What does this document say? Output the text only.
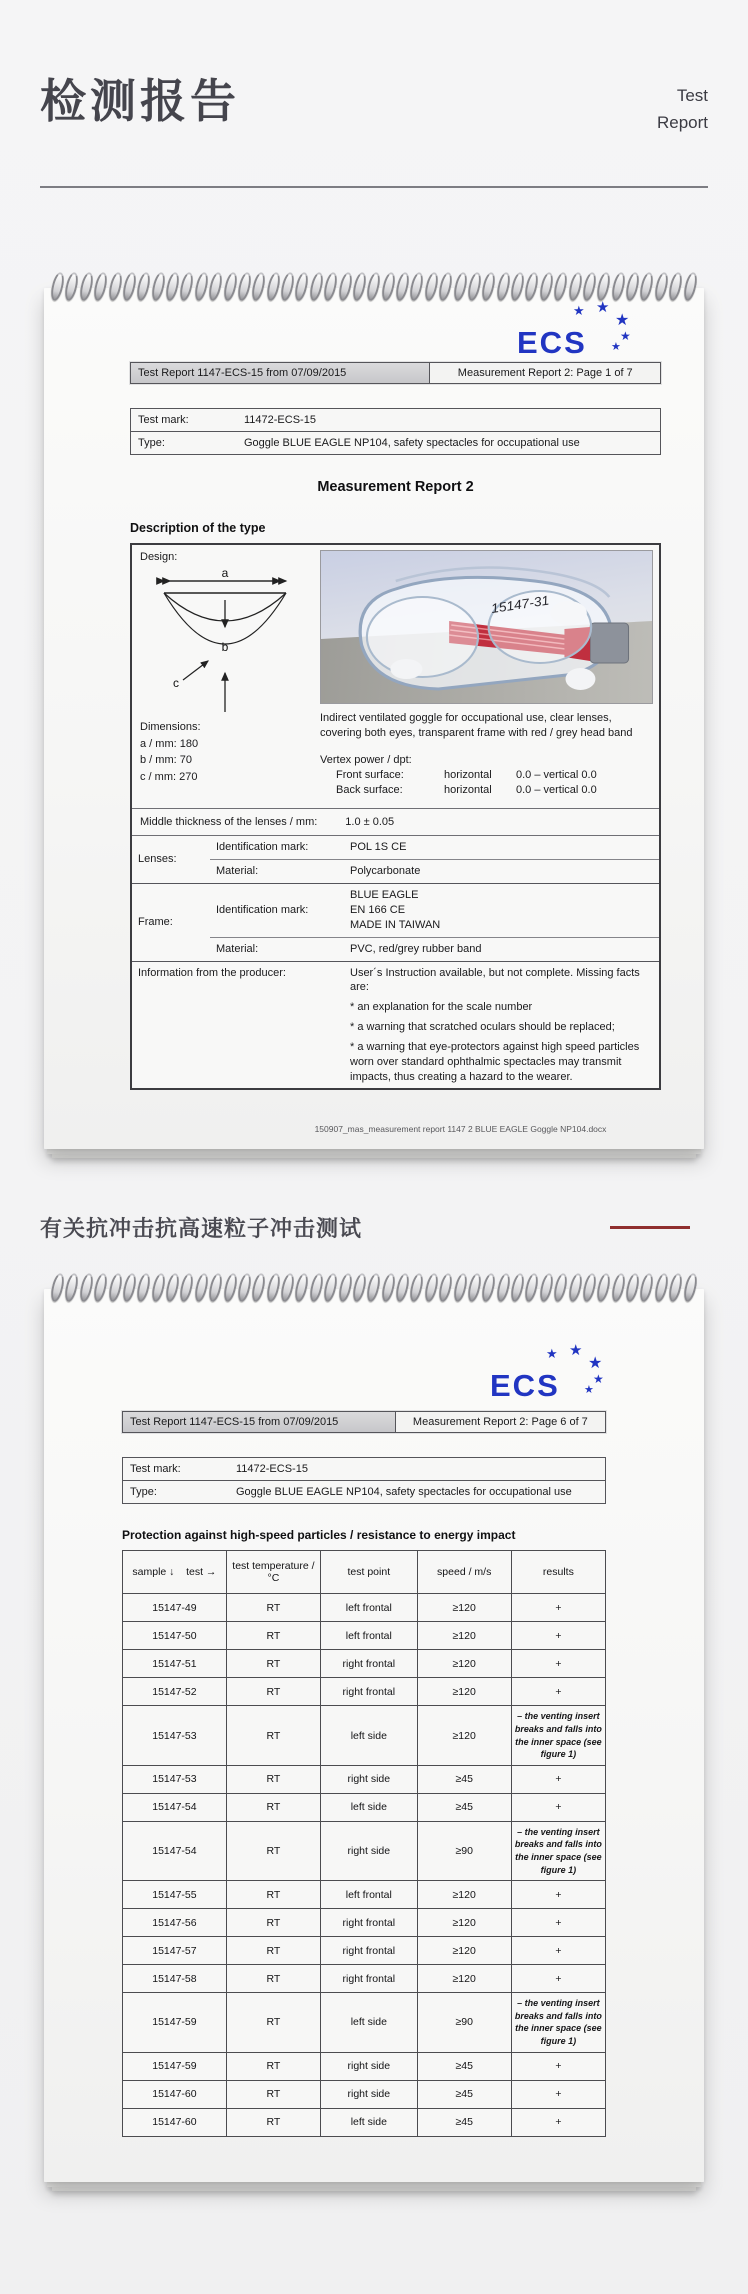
检测报告	Test
Report
ECS
★ ★
★
★
★
Test Report 1147-ECS-15 from 07/09/2015	Measurement Report 2: Page 1 of 7
Test mark:	11472-ECS-15
Type:	Goggle BLUE EAGLE NP104, safety spectacles for occupational use
Measurement Report 2
Description of the type
Design:
a
b
c
Dimensions:
a / mm: 180
b / mm: 70
c / mm: 270
15147-31
Indirect ventilated goggle for occupational use, clear lenses, covering both eyes, transparent frame with red / grey head band
Vertex power / dpt:
Front surface:	horizontal	0.0 – vertical 0.0
Back surface:	horizontal	0.0 – vertical 0.0
Middle thickness of the lenses / mm:	1.0 ± 0.05
Lenses:	Identification mark:	POL 1S CE
	Material:	Polycarbonate
Frame:	Identification mark:	BLUE EAGLE
EN 166 CE
MADE IN TAIWAN

	Material:	PVC, red/grey rubber band
Information from the producer:		User´s Instruction available, but not complete. Missing facts are:

* an explanation for the scale number

* a warning that scratched oculars should be replaced;

* a warning that eye-protectors against high speed particles worn over standard ophthalmic spectacles may transmit impacts, thus creating a hazard to the wearer.

150907_mas_measurement report 1147 2 BLUE EAGLE Goggle NP104.docx
有关抗冲击抗高速粒子冲击测试
ECS
★ ★
★
★
★
Test Report 1147-ECS-15 from 07/09/2015	Measurement Report 2: Page 6 of 7
Test mark:	11472-ECS-15
Type:	Goggle BLUE EAGLE NP104, safety spectacles for occupational use
Protection against high-speed particles / resistance to energy impact
sample ↓    test →	test temperature / °C	test point	speed / m/s	results
15147-49	RT	left frontal	≥120	+
15147-50	RT	left frontal	≥120	+
15147-51	RT	right frontal	≥120	+
15147-52	RT	right frontal	≥120	+
15147-53	RT	left side	≥120	– the venting insert breaks and falls into the inner space (see figure 1)
15147-53	RT	right side	≥45	+
15147-54	RT	left side	≥45	+
15147-54	RT	right side	≥90	– the venting insert breaks and falls into the inner space (see figure 1)
15147-55	RT	left frontal	≥120	+
15147-56	RT	right frontal	≥120	+
15147-57	RT	right frontal	≥120	+
15147-58	RT	right frontal	≥120	+
15147-59	RT	left side	≥90	– the venting insert breaks and falls into the inner space (see figure 1)
15147-59	RT	right side	≥45	+
15147-60	RT	right side	≥45	+
15147-60	RT	left side	≥45	+
